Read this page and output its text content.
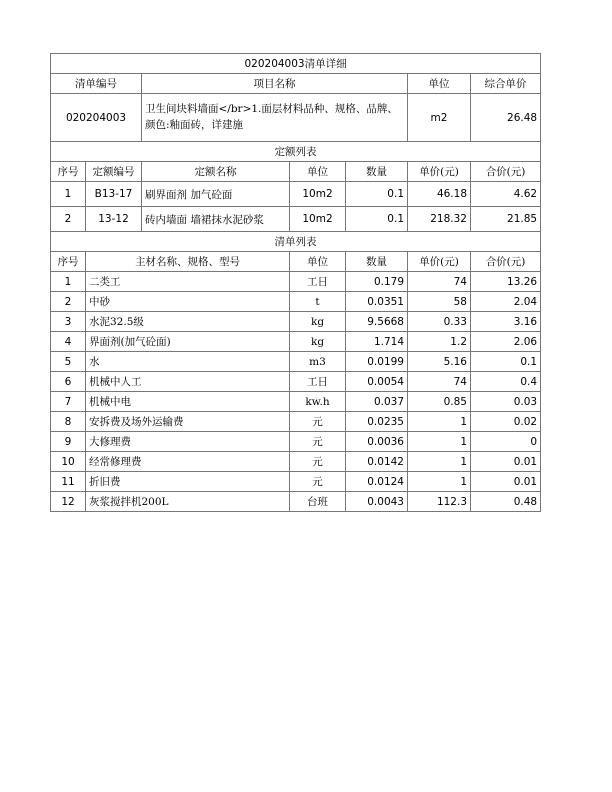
020204003清单详细						
清单编号		项目名称			单位	综合单价
020204003		卫生间块料墙面</br>1.面层材料品种、规格、品牌、颜色:釉面砖，详建施			m2	26.48
定额列表						
序号	定额编号	定额名称	单位	数量	单价(元)	合价(元)
1	B13-17	刷界面剂 加气砼面	10m2	0.1	46.18	4.62
2	13-12	砖内墙面 墙裙抹水泥砂浆	10m2	0.1	218.32	21.85
清单列表						
序号	主材名称、规格、型号		单位	数量	单价(元)	合价(元)
1	二类工		工日	0.179	74	13.26
2	中砂		t	0.0351	58	2.04
3	水泥32.5级		kg	9.5668	0.33	3.16
4	界面剂(加气砼面)		kg	1.714	1.2	2.06
5	水		m3	0.0199	5.16	0.1
6	机械中人工		工日	0.0054	74	0.4
7	机械中电		kw.h	0.037	0.85	0.03
8	安拆费及场外运输费		元	0.0235	1	0.02
9	大修理费		元	0.0036	1	0
10	经常修理费		元	0.0142	1	0.01
11	折旧费		元	0.0124	1	0.01
12	灰浆搅拌机200L		台班	0.0043	112.3	0.48
